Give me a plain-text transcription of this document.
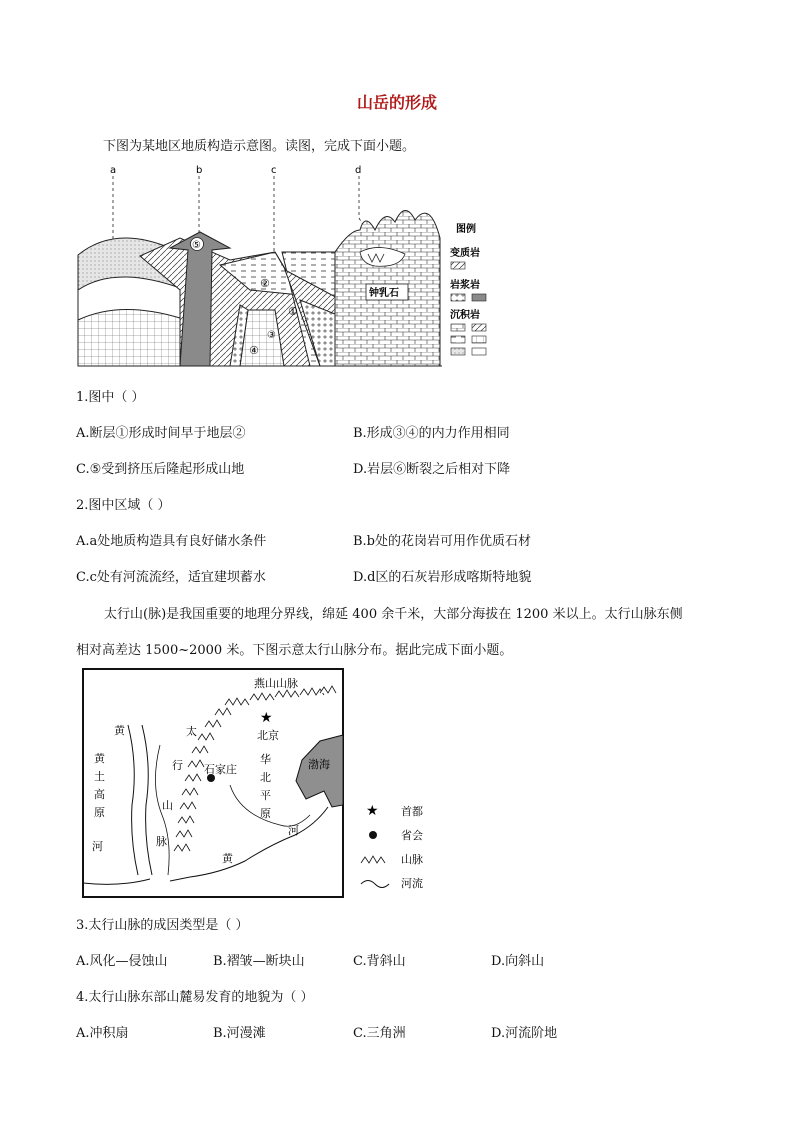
山岳的形成
下图为某地区地质构造示意图。读图，完成下面小题。
a	b	c	d
⑤
④
③
②
①
钟乳石
图例
变质岩
岩浆岩
沉积岩
1.图中（ ）
A.断层①形成时间早于地层②	B.形成③④的内力作用相同
C.⑤受到挤压后隆起形成山地	D.岩层⑥断裂之后相对下降
2.图中区域（ ）
A.a处地质构造具有良好储水条件	B.b处的花岗岩可用作优质石材
C.c处有河流流经，适宜建坝蓄水	D.d区的石灰岩形成喀斯特地貌
太行山(脉)是我国重要的地理分界线，绵延 400 余千米，大部分海拔在 1200 米以上。太行山脉东侧
相对高差达 1500~2000 米。下图示意太行山脉分布。据此完成下面小题。
燕山山脉
太
行
山
脉
★
北京
石家庄
华
北
平
原
黄
土
高
原
黄
河
黄
河
渤海
★ 首都
省会
山脉
河流
3.太行山脉的成因类型是（ ）
A.风化—侵蚀山	B.褶皱—断块山	C.背斜山	D.向斜山
4.太行山脉东部山麓易发育的地貌为（ ）
A.冲积扇	B.河漫滩	C.三角洲	D.河流阶地
